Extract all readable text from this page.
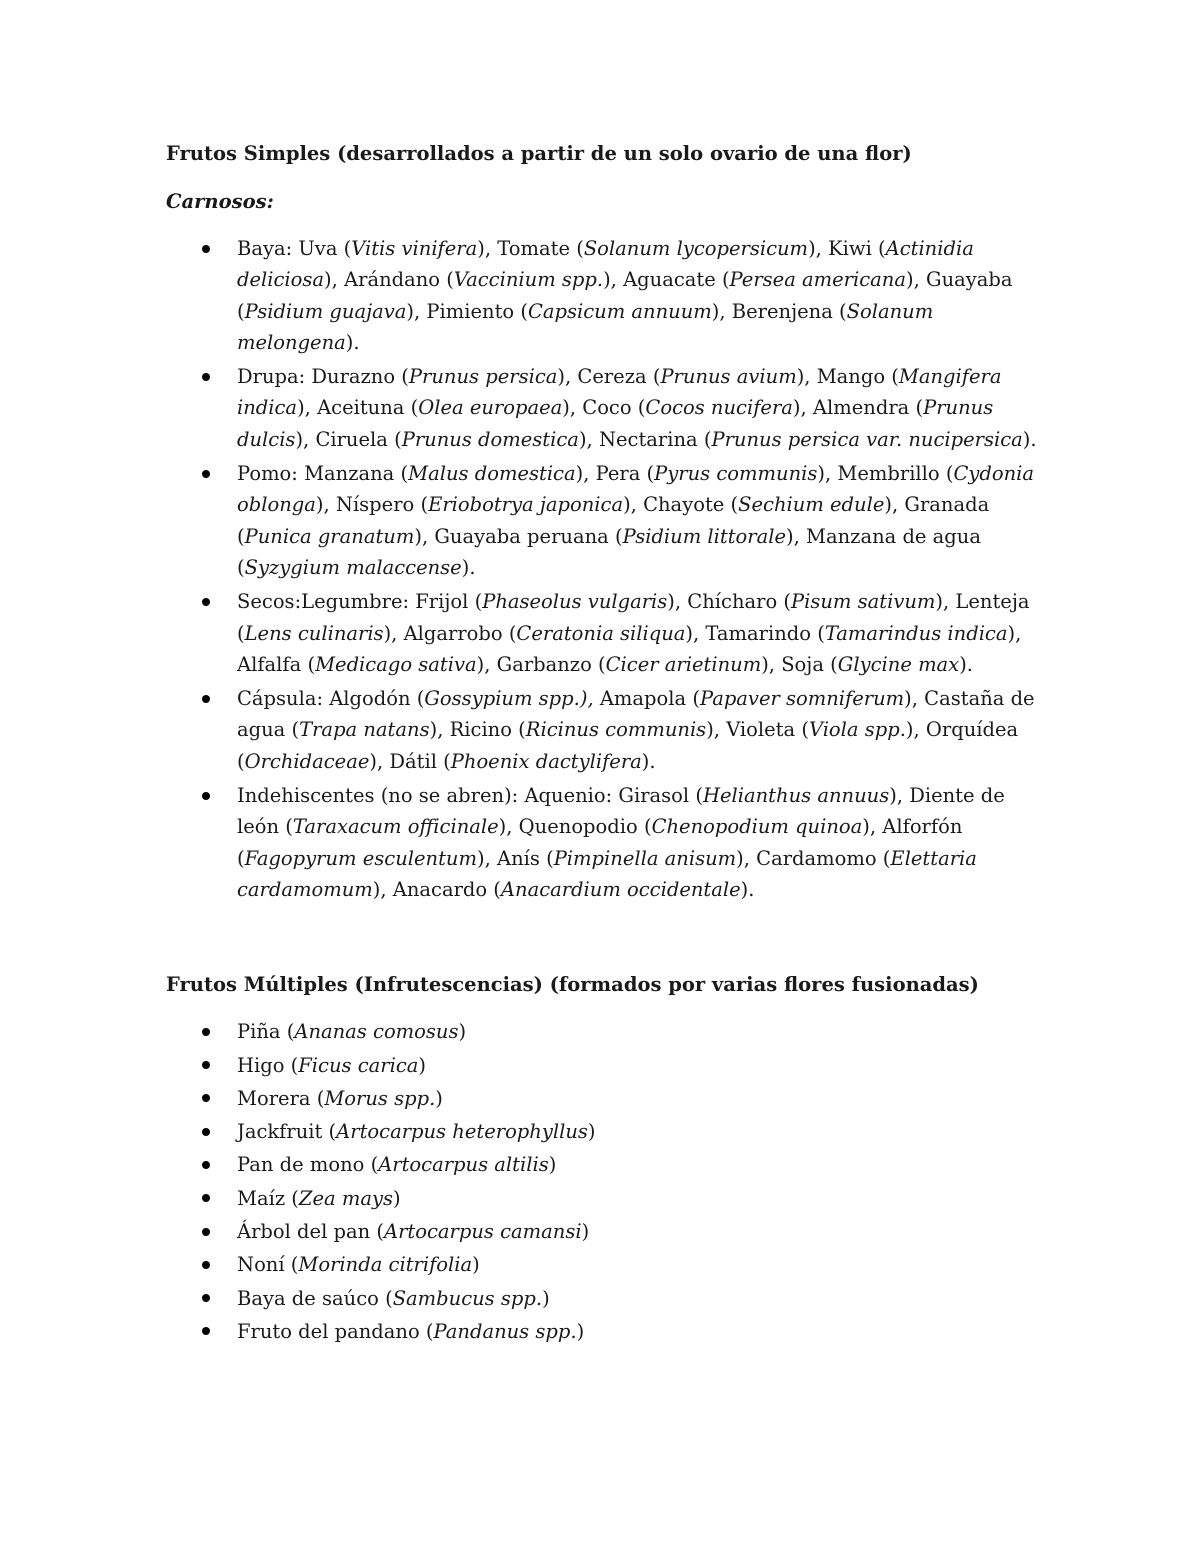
Frutos Simples (desarrollados a partir de un solo ovario de una flor)

Carnosos:

Baya: Uva (Vitis vinifera), Tomate (Solanum lycopersicum), Kiwi (Actinidia deliciosa), Arándano (Vaccinium spp.), Aguacate (Persea americana), Guayaba (Psidium guajava), Pimiento (Capsicum annuum), Berenjena (Solanum melongena).
Drupa: Durazno (Prunus persica), Cereza (Prunus avium), Mango (Mangifera indica), Aceituna (Olea europaea), Coco (Cocos nucifera), Almendra (Prunus dulcis), Ciruela (Prunus domestica), Nectarina (Prunus persica var. nucipersica).
Pomo: Manzana (Malus domestica), Pera (Pyrus communis), Membrillo (Cydonia oblonga), Níspero (Eriobotrya japonica), Chayote (Sechium edule), Granada (Punica granatum), Guayaba peruana (Psidium littorale), Manzana de agua (Syzygium malaccense).
Secos:Legumbre: Frijol (Phaseolus vulgaris), Chícharo (Pisum sativum), Lenteja (Lens culinaris), Algarrobo (Ceratonia siliqua), Tamarindo (Tamarindus indica), Alfalfa (Medicago sativa), Garbanzo (Cicer arietinum), Soja (Glycine max).
Cápsula: Algodón (Gossypium spp.), Amapola (Papaver somniferum), Castaña de agua (Trapa natans), Ricino (Ricinus communis), Violeta (Viola spp.), Orquídea (Orchidaceae), Dátil (Phoenix dactylifera).
Indehiscentes (no se abren): Aquenio: Girasol (Helianthus annuus), Diente de león (Taraxacum officinale), Quenopodio (Chenopodium quinoa), Alforfón (Fagopyrum esculentum), Anís (Pimpinella anisum), Cardamomo (Elettaria cardamomum), Anacardo (Anacardium occidentale).

Frutos Múltiples (Infrutescencias) (formados por varias flores fusionadas)

Piña (Ananas comosus)
Higo (Ficus carica)
Morera (Morus spp.)
Jackfruit (Artocarpus heterophyllus)
Pan de mono (Artocarpus altilis)
Maíz (Zea mays)
Árbol del pan (Artocarpus camansi)
Noní (Morinda citrifolia)
Baya de saúco (Sambucus spp.)
Fruto del pandano (Pandanus spp.)
